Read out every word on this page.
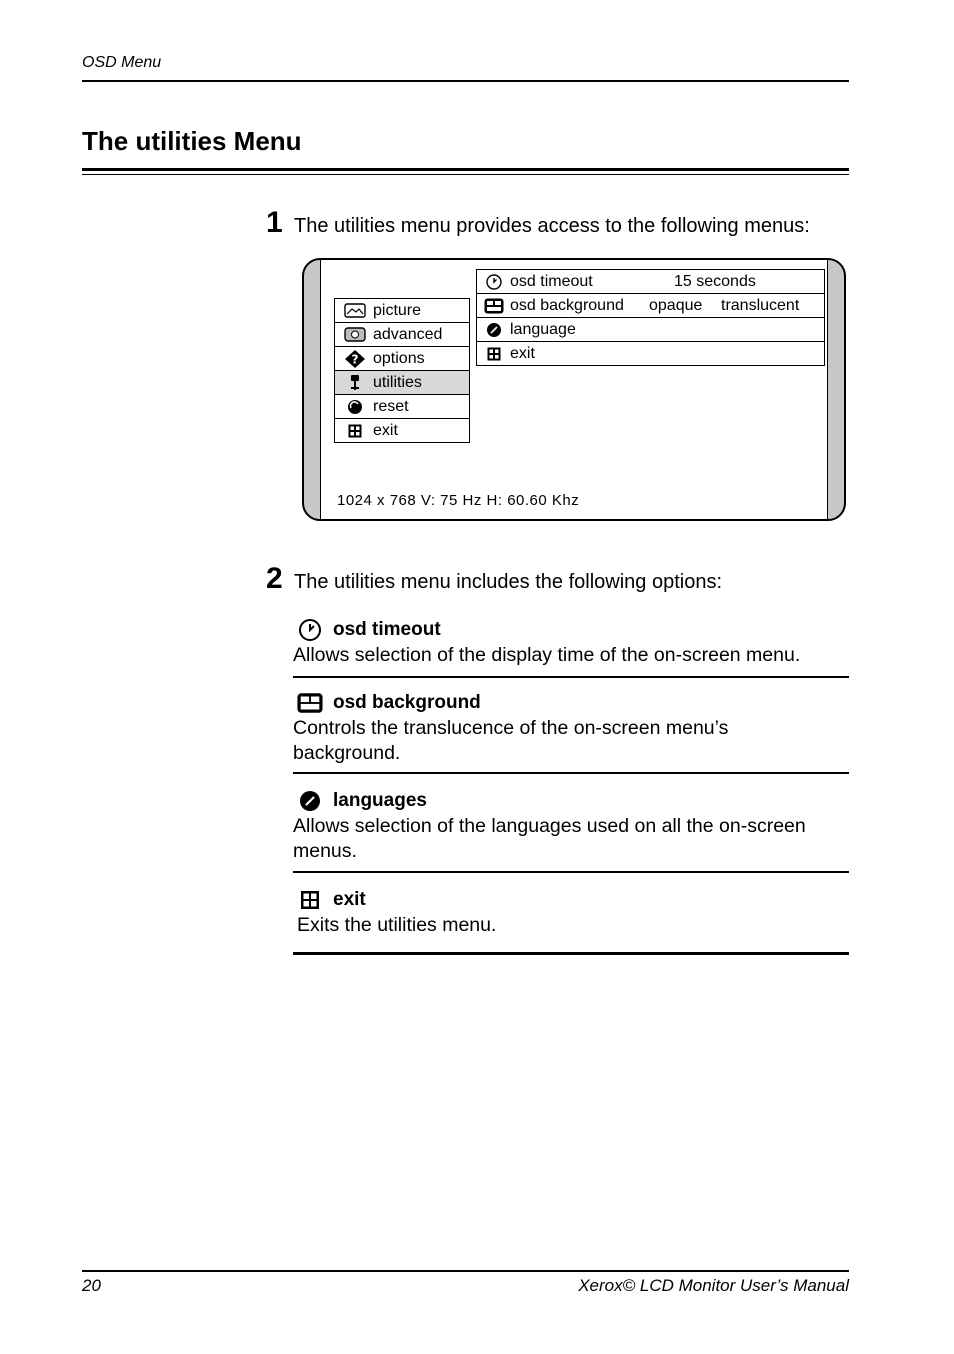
OSD Menu
The utilities Menu
1 The utilities menu provides access to the following menus:
picture
advanced
? options
utilities
reset
exit
osd timeout	15 seconds
osd background opaque translucent
language
exit
1024 x 768 V: 75 Hz H: 60.60 Khz
2 The utilities menu includes the following options:
osd timeout
Allows selection of the display time of the on-screen menu.
osd background
Controls the translucence of the on-screen menu’s background.
languages
Allows selection of the languages used on all the on-screen menus.
exit
Exits the utilities menu.
20	Xerox© LCD Monitor User’s Manual
